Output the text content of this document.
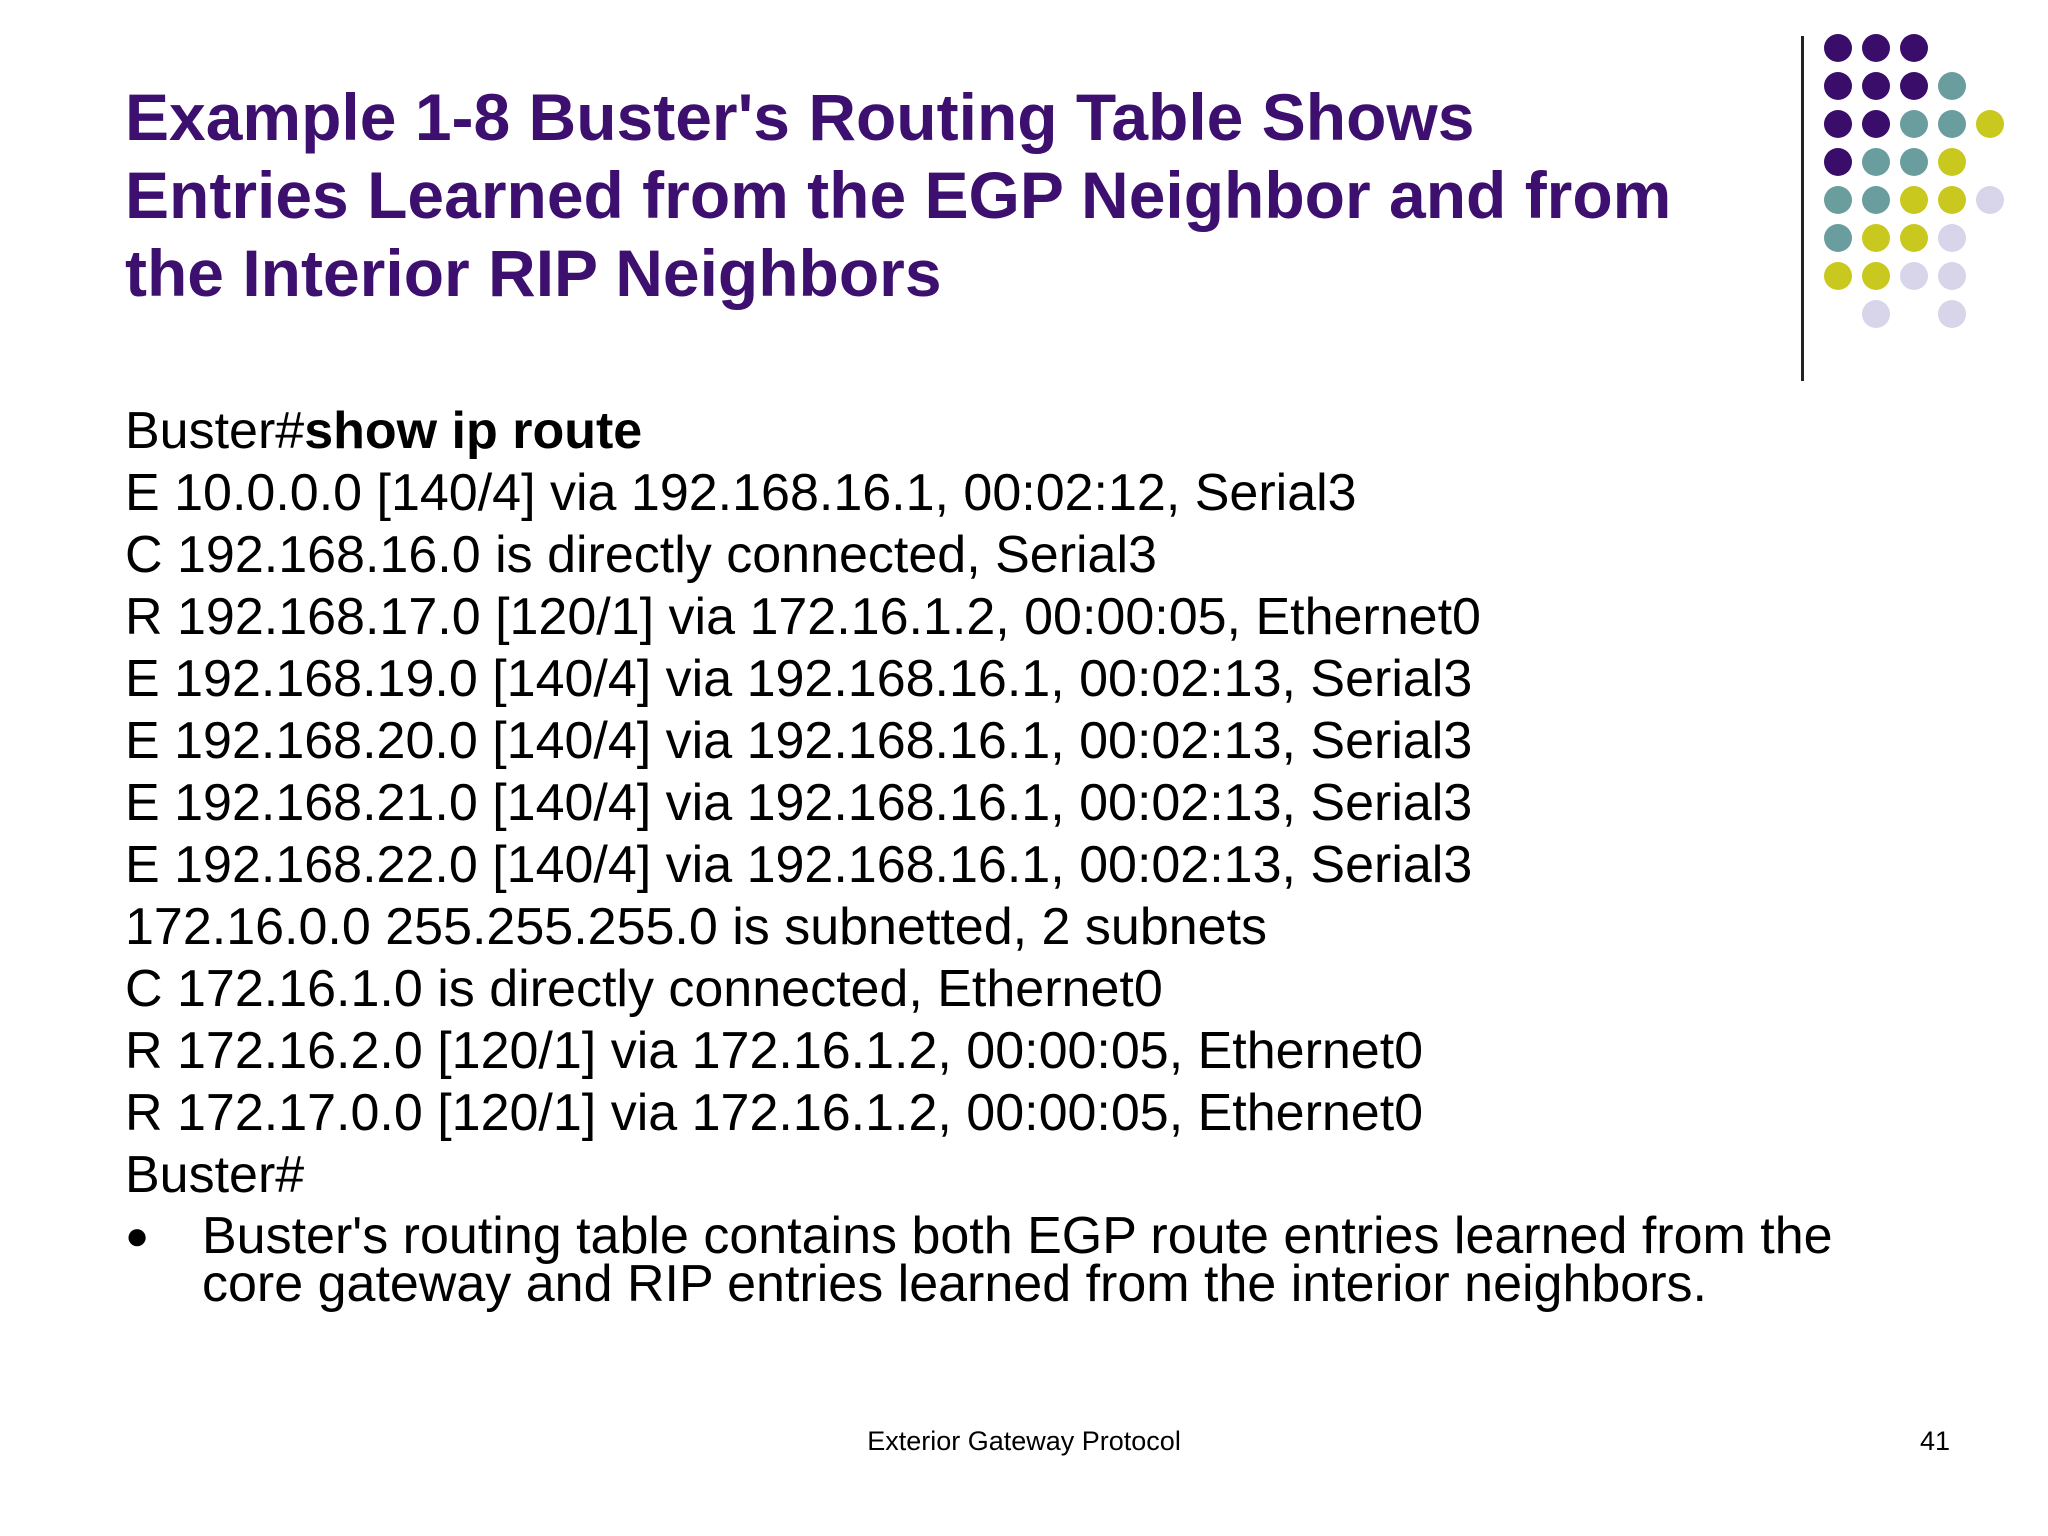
Example 1-8 Buster's Routing Table Shows
Entries Learned from the EGP Neighbor and from
the Interior RIP Neighbors
Buster#show ip route
E 10.0.0.0 [140/4] via 192.168.16.1, 00:02:12, Serial3
C 192.168.16.0 is directly connected, Serial3
R 192.168.17.0 [120/1] via 172.16.1.2, 00:00:05, Ethernet0
E 192.168.19.0 [140/4] via 192.168.16.1, 00:02:13, Serial3
E 192.168.20.0 [140/4] via 192.168.16.1, 00:02:13, Serial3
E 192.168.21.0 [140/4] via 192.168.16.1, 00:02:13, Serial3
E 192.168.22.0 [140/4] via 192.168.16.1, 00:02:13, Serial3
172.16.0.0 255.255.255.0 is subnetted, 2 subnets
C 172.16.1.0 is directly connected, Ethernet0
R 172.16.2.0 [120/1] via 172.16.1.2, 00:00:05, Ethernet0
R 172.17.0.0 [120/1] via 172.16.1.2, 00:00:05, Ethernet0
Buster#
●	Buster's routing table contains both EGP route entries learned from the
core gateway and RIP entries learned from the interior neighbors.
Exterior Gateway Protocol	41
